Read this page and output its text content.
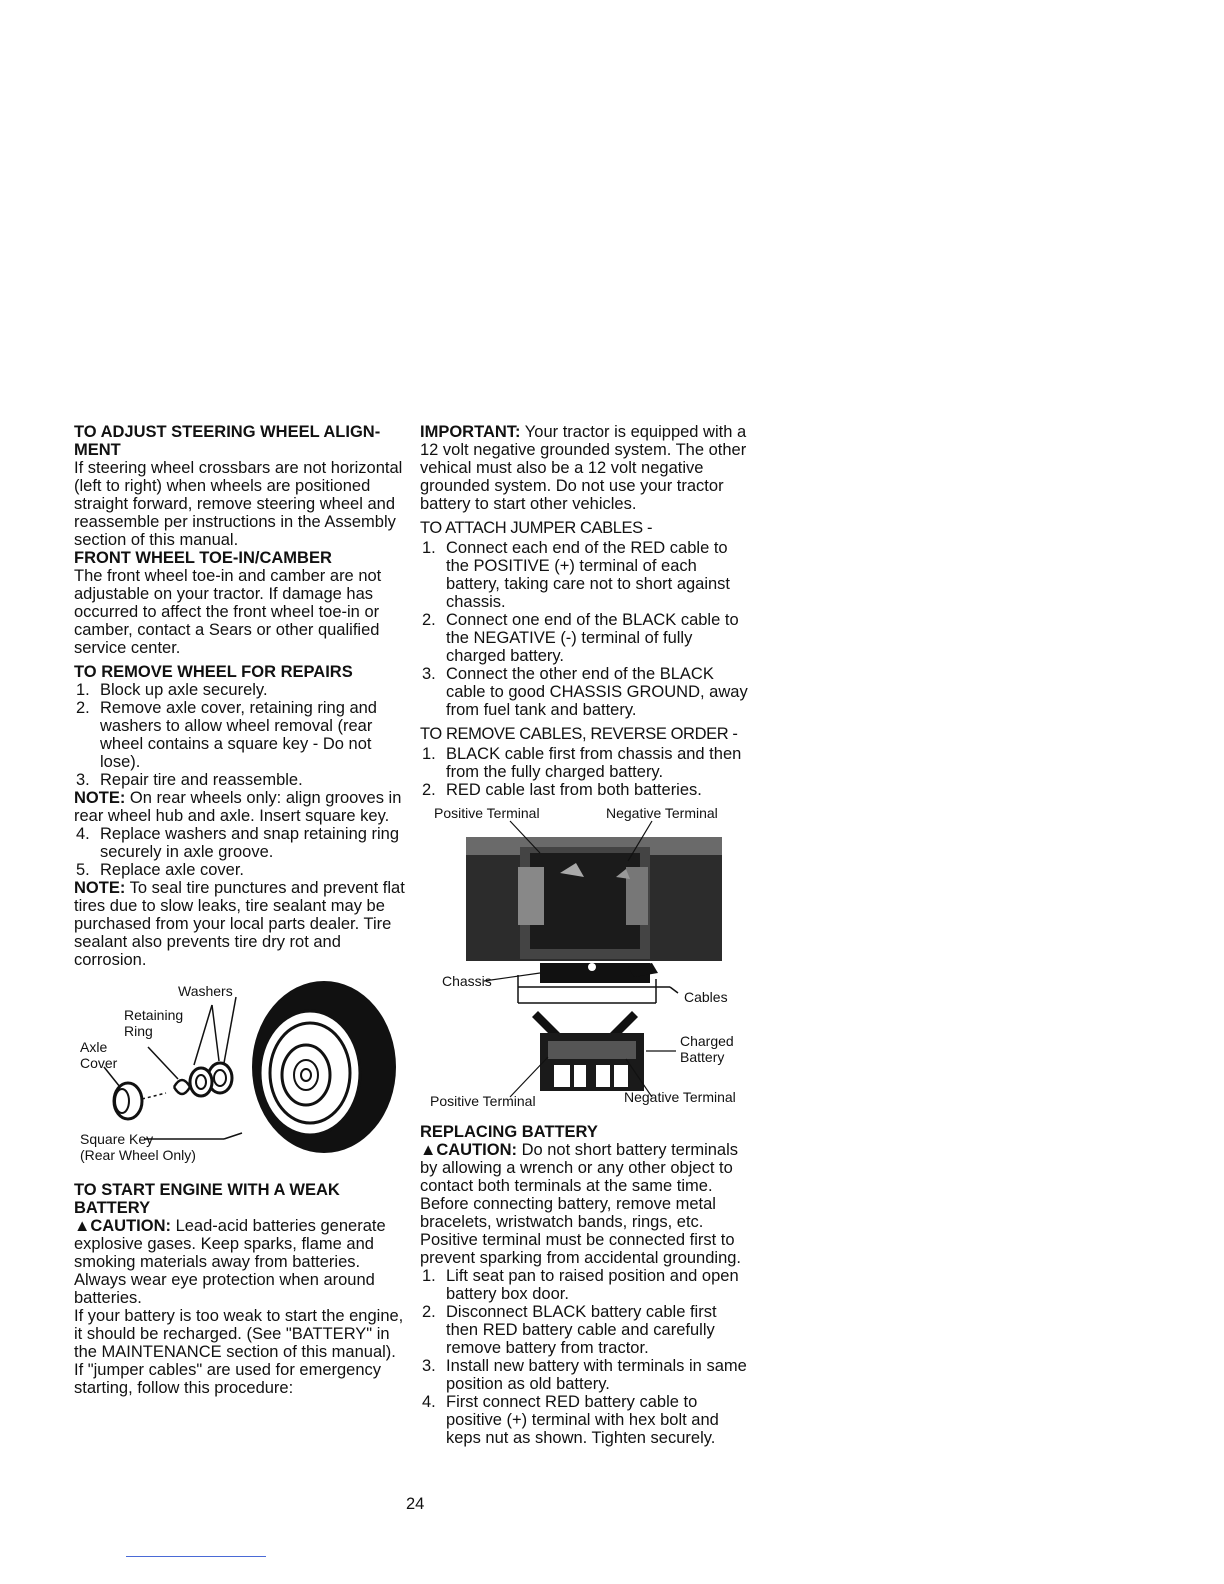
TO ADJUST STEERING WHEEL ALIGN-MENT

If steering wheel crossbars are not horizontal (left to right) when wheels are positioned straight forward, remove steering wheel and reassemble per instructions in the Assembly section of this manual.

FRONT WHEEL TOE-IN/CAMBER

The front wheel toe-in and camber are not adjustable on your tractor. If damage has occurred to affect the front wheel toe-in or camber, contact a Sears or other qualified service center.

TO REMOVE WHEEL FOR REPAIRS
1. Block up axle securely.
2. Remove axle cover, retaining ring and washers to allow wheel removal (rear wheel contains a square key - Do not lose).
3. Repair tire and reassemble.

NOTE: On rear wheels only: align grooves in rear wheel hub and axle. Insert square key.

4. Replace washers and snap retaining ring securely in axle groove.
5. Replace axle cover.

NOTE: To seal tire punctures and prevent flat tires due to slow leaks, tire sealant may be purchased from your local parts dealer. Tire sealant also prevents tire dry rot and corrosion.

Washers
Retaining
Ring
Axle
Cover
Square Key
(Rear Wheel Only)
TO START ENGINE WITH A WEAK BATTERY

▲CAUTION: Lead-acid batteries generate explosive gases. Keep sparks, flame and smoking materials away from batteries. Always wear eye protection when around batteries.

If your battery is too weak to start the engine, it should be recharged. (See "BATTERY" in the MAINTENANCE section of this manual).

If "jumper cables" are used for emergency starting, follow this procedure:

IMPORTANT: Your tractor is equipped with a 12 volt negative grounded system. The other vehical must also be a 12 volt negative grounded system. Do not use your tractor battery to start other vehicles.

TO ATTACH JUMPER CABLES -
1. Connect each end of the RED cable to the POSITIVE (+) terminal of each battery, taking care not to short against chassis.
2. Connect one end of the BLACK cable to the NEGATIVE (-) terminal of fully charged battery.
3. Connect the other end of the BLACK cable to good CHASSIS GROUND, away from fuel tank and battery.
TO REMOVE CABLES, REVERSE ORDER -
1. BLACK cable first from chassis and then from the fully charged battery.
2. RED cable last from both batteries.
Positive Terminal	Negative Terminal
Chassis
Cables
Charged
Battery
Positive Terminal	Negative Terminal
REPLACING BATTERY

▲CAUTION: Do not short battery terminals by allowing a wrench or any other object to contact both terminals at the same time. Before connecting battery, remove metal bracelets, wristwatch bands, rings, etc.

Positive terminal must be connected first to prevent sparking from accidental grounding.

1. Lift seat pan to raised position and open battery box door.
2. Disconnect BLACK battery cable first then RED battery cable and carefully remove battery from tractor.
3. Install new battery with terminals in same position as old battery.
4. First connect RED battery cable to positive (+) terminal with hex bolt and keps nut as shown. Tighten securely.
24
